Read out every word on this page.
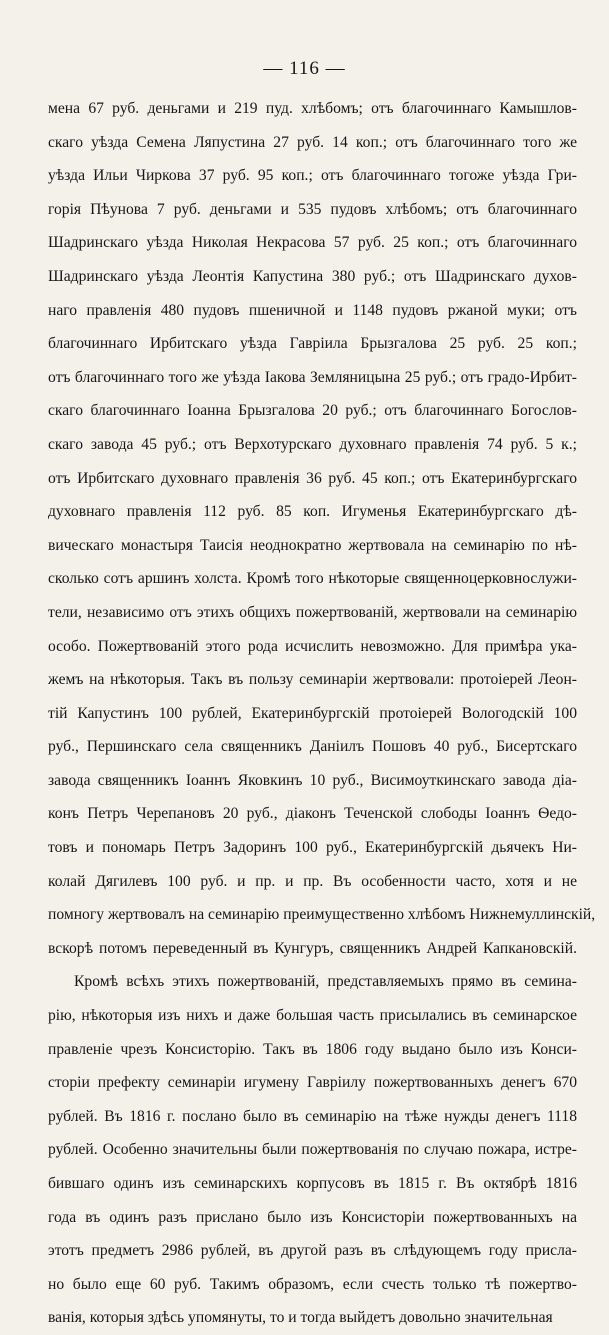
— 116 —
мена 67 руб. деньгами и 219 пуд. хлѣбомъ; отъ благочиннаго Камышлов-
скаго уѣзда Семена Ляпустина 27 руб. 14 коп.; отъ благочиннаго того же
уѣзда Ильи Чиркова 37 руб. 95 коп.; отъ благочиннаго тогоже уѣзда Гри-
горія Пѣунова 7 руб. деньгами и 535 пудовъ хлѣбомъ; отъ благочиннаго
Шадринскаго уѣзда Николая Некрасова 57 руб. 25 коп.; отъ благочиннаго
Шадринскаго уѣзда Леонтія Капустина 380 руб.; отъ Шадринскаго духов-
наго правленія 480 пудовъ пшеничной и 1148 пудовъ ржаной муки; отъ
благочиннаго Ирбитскаго уѣзда Гавріила Брызгалова 25 руб. 25 коп.;
отъ благочиннаго того же уѣзда Іакова Земляницына 25 руб.; отъ градо-Ирбит-
скаго благочиннаго Іоанна Брызгалова 20 руб.; отъ благочиннаго Богослов-
скаго завода 45 руб.; отъ Верхотурскаго духовнаго правленія 74 руб. 5 к.;
отъ Ирбитскаго духовнаго правленія 36 руб. 45 коп.; отъ Екатеринбургскаго
духовнаго правленія 112 руб. 85 коп. Игуменья Екатеринбургскаго дѣ-
вическаго монастыря Таисія неоднократно жертвовала на семинарію по нѣ-
сколько сотъ аршинъ холста. Кромѣ того нѣкоторые священноцерковнослужи-
тели, независимо отъ этихъ общихъ пожертвованій, жертвовали на семинарію
особо. Пожертвованій этого рода исчислить невозможно. Для примѣра ука-
жемъ на нѣкоторыя. Такъ въ пользу семинаріи жертвовали: протоіерей Леон-
тій Капустинъ 100 рублей, Екатеринбургскій протоіерей Вологодскій 100
руб., Першинскаго села священникъ Даніилъ Пошовъ 40 руб., Бисертскаго
завода священникъ Іоаннъ Яковкинъ 10 руб., Висимоуткинскаго завода діа-
конъ Петръ Черепановъ 20 руб., діаконъ Теченской слободы Іоаннъ Ѳедо-
товъ и пономарь Петръ Задоринъ 100 руб., Екатеринбургскій дьячекъ Ни-
колай Дягилевъ 100 руб. и пр. и пр. Въ особенности часто, хотя и не
помногу жертвовалъ на семинарію преимущественно хлѣбомъ Нижнемуллинскій,
вскорѣ потомъ переведенный въ Кунгуръ, священникъ Андрей Капкановскій.
Кромѣ всѣхъ этихъ пожертвованій, представляемыхъ прямо въ семина-
рію, нѣкоторыя изъ нихъ и даже большая часть присылались въ семинарское
правленіе чрезъ Консисторію. Такъ въ 1806 году выдано было изъ Конси-
сторіи префекту семинаріи игумену Гавріилу пожертвованныхъ денегъ 670
рублей. Въ 1816 г. послано было въ семинарію на тѣже нужды денегъ 1118
рублей. Особенно значительны были пожертвованія по случаю пожара, истре-
бившаго одинъ изъ семинарскихъ корпусовъ въ 1815 г. Въ октябрѣ 1816
года въ одинъ разъ прислано было изъ Консисторіи пожертвованныхъ на
этотъ предметъ 2986 рублей, въ другой разъ въ слѣдующемъ году присла-
но было еще 60 руб. Такимъ образомъ, если счесть только тѣ пожертво-
ванія, которыя здѣсь упомянуты, то и тогда выйдетъ довольно значительная
